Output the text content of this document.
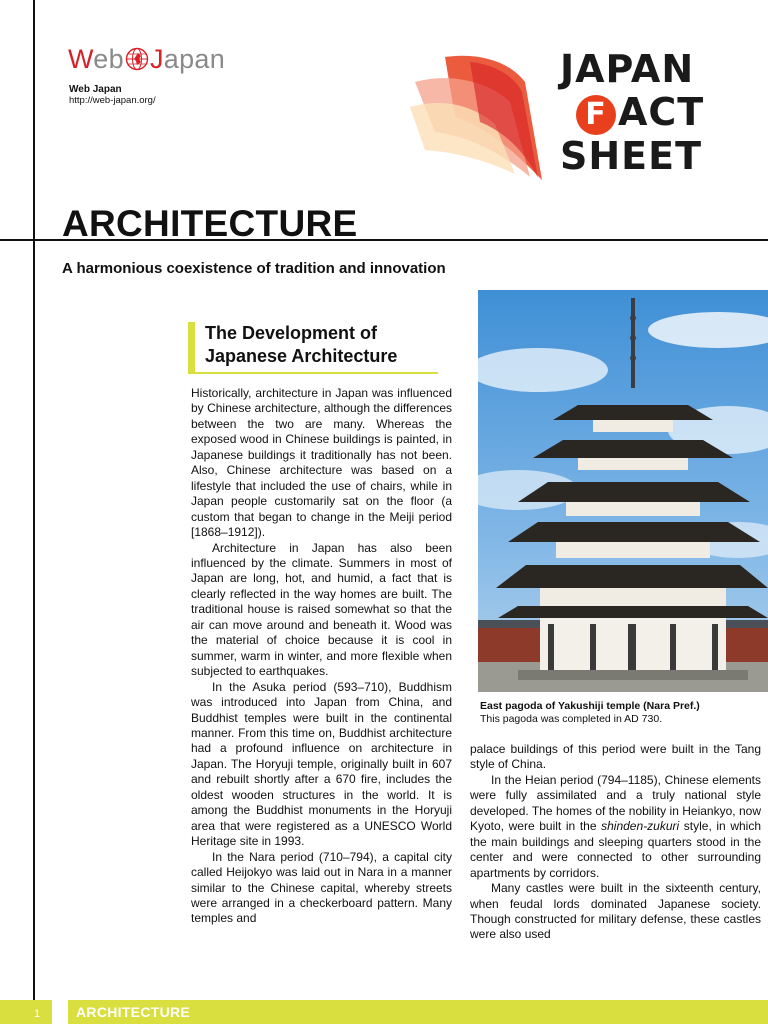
Web Japan
Web Japan
http://web-japan.org/
JAPAN
F ACT
SHEET
ARCHITECTURE
A harmonious coexistence of tradition and innovation
The Development of
Japanese Architecture

Historically, architecture in Japan was influenced by Chinese architecture, although the differences between the two are many. Whereas the exposed wood in Chinese buildings is painted, in Japanese buildings it traditionally has not been. Also, Chinese architecture was based on a lifestyle that included the use of chairs, while in Japan people customarily sat on the floor (a custom that began to change in the Meiji period [1868–1912]).

Architecture in Japan has also been influenced by the climate. Summers in most of Japan are long, hot, and humid, a fact that is clearly reflected in the way homes are built. The traditional house is raised somewhat so that the air can move around and beneath it. Wood was the material of choice because it is cool in summer, warm in winter, and more flexible when subjected to earthquakes.

In the Asuka period (593–710), Buddhism was introduced into Japan from China, and Buddhist temples were built in the continental manner. From this time on, Buddhist architecture had a profound influence on architecture in Japan. The Horyuji temple, originally built in 607 and rebuilt shortly after a 670 fire, includes the oldest wooden structures in the world. It is among the Buddhist monuments in the Horyuji area that were registered as a UNESCO World Heritage site in 1993.

In the Nara period (710–794), a capital city called Heijokyo was laid out in Nara in a manner similar to the Chinese capital, whereby streets were arranged in a checkerboard pattern. Many temples and

East pagoda of Yakushiji temple (Nara Pref.)

This pagoda was completed in AD 730.

palace buildings of this period were built in the Tang style of China.

In the Heian period (794–1185), Chinese elements were fully assimilated and a truly national style developed. The homes of the nobility in Heiankyo, now Kyoto, were built in the shinden-zukuri style, in which the main buildings and sleeping quarters stood in the center and were connected to other surrounding apartments by corridors.

Many castles were built in the sixteenth century, when feudal lords dominated Japanese society. Though constructed for military defense, these castles were also used

1	ARCHITECTURE
